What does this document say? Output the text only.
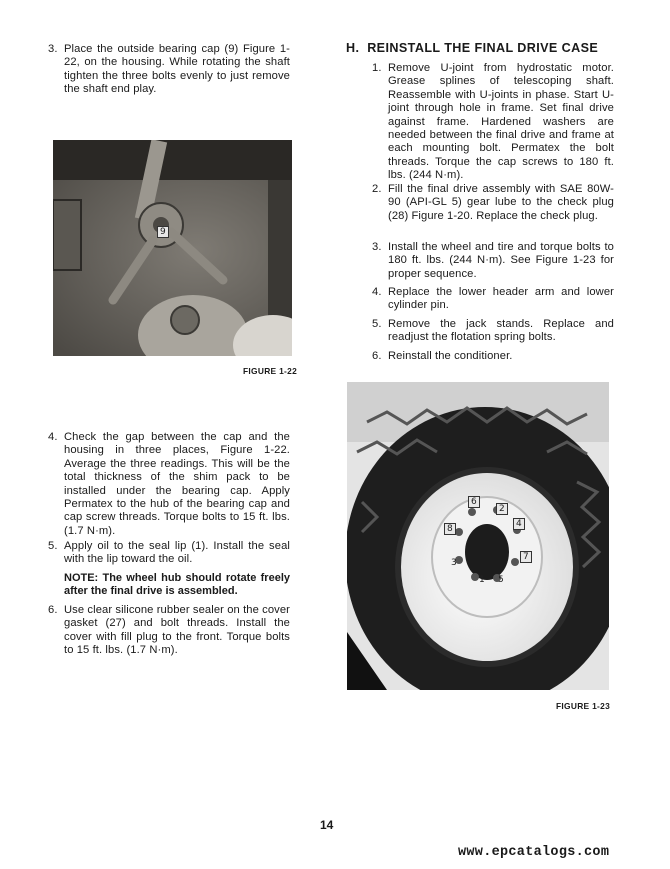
3. Place the outside bearing cap (9) Figure 1-22, on the housing. While rotating the shaft tighten the three bolts evenly to just remove the shaft end play.
9
FIGURE 1-22
4. Check the gap between the cap and the housing in three places, Figure 1-22. Average the three readings. This will be the total thickness of the shim pack to be installed under the bearing cap. Apply Permatex to the hub of the bearing cap and cap screw threads. Torque bolts to 15 ft. lbs. (1.7 N·m).
5. Apply oil to the seal lip (1). Install the seal with the lip toward the oil.
NOTE: The wheel hub should rotate freely after the final drive is assembled.
6. Use clear silicone rubber sealer on the cover gasket (27) and bolt threads. Install the cover with fill plug to the front. Torque bolts to 15 ft. lbs. (1.7 N·m).
H.  REINSTALL THE FINAL DRIVE CASE
1. Remove U-joint from hydrostatic motor. Grease splines of telescoping shaft. Reassemble with U-joints in phase. Start U-joint through hole in frame. Set final drive against frame. Hardened washers are needed between the final drive and frame at each mounting bolt. Permatex the bolt threads. Torque the cap screws to 180 ft. lbs. (244 N·m).
2. Fill the final drive assembly with SAE 80W-90 (API-GL 5) gear lube to the check plug (28) Figure 1-20. Replace the check plug.
3. Install the wheel and tire and torque bolts to 180 ft. lbs. (244 N·m). See Figure 1-23 for proper sequence.
4. Replace the lower header arm and lower cylinder pin.
5. Remove the jack stands. Replace and readjust the flotation spring bolts.
6. Reinstall the conditioner.
6
2
8	4
7
3
1 5
FIGURE 1-23
14
www.epcatalogs.com
